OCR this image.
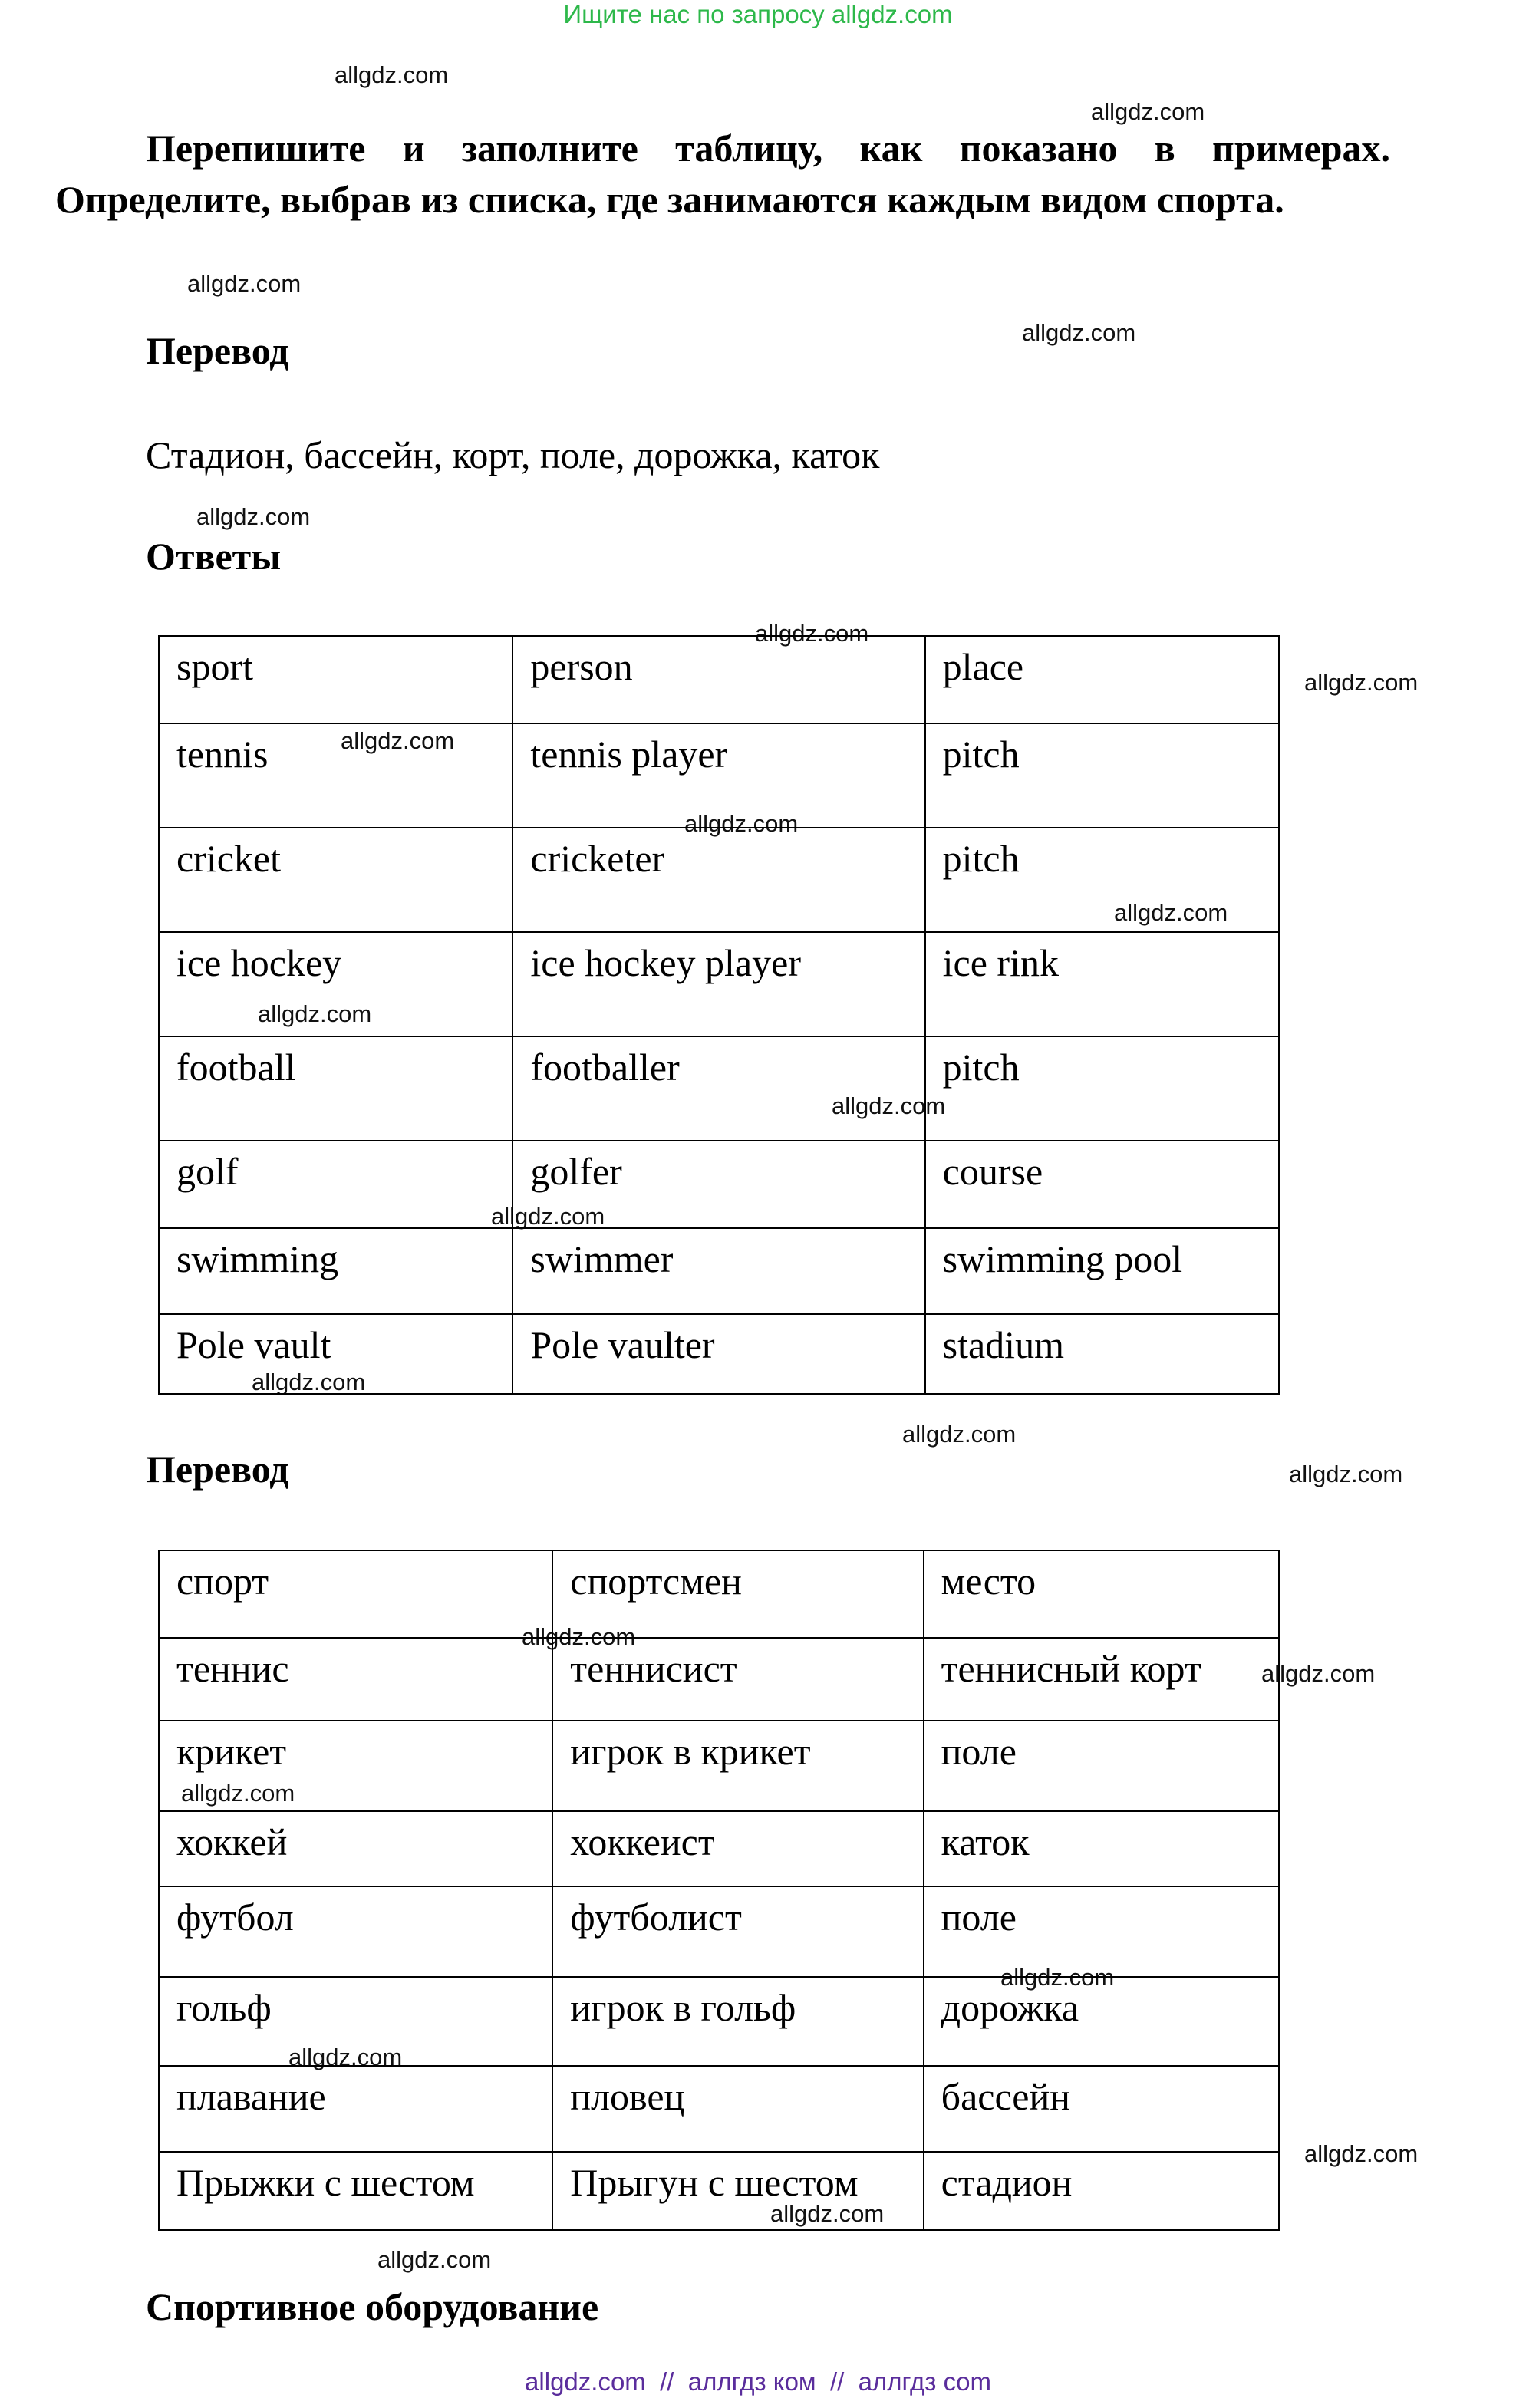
Ищите нас по запросу allgdz.com
allgdz.com
allgdz.com
allgdz.com
allgdz.com
allgdz.com
allgdz.com
allgdz.com
allgdz.com
allgdz.com
allgdz.com
allgdz.com
allgdz.com
allgdz.com
allgdz.com
allgdz.com
allgdz.com
allgdz.com
allgdz.com
allgdz.com
allgdz.com
allgdz.com
allgdz.com
allgdz.com
allgdz.com
Перепишите и заполните таблицу, как показано в примерах. Определите, выбрав из списка, где занимаются каждым видом спорта.
Перевод
Стадион, бассейн, корт, поле, дорожка, каток
Ответы
sport	person	place
tennis	tennis player	pitch
cricket	cricketer	pitch
ice hockey	ice hockey player	ice rink
football	footballer	pitch
golf	golfer	course
swimming	swimmer	swimming pool
Pole vault	Pole vaulter	stadium
Перевод
спорт	спортсмен	место
теннис	теннисист	теннисный корт
крикет	игрок в крикет	поле
хоккей	хоккеист	каток
футбол	футболист	поле
гольф	игрок в гольф	дорожка
плавание	пловец	бассейн
Прыжки с шестом	Прыгун с шестом	стадион
Спортивное оборудование
allgdz.com  //  аллгдз ком  //  аллгдз com
